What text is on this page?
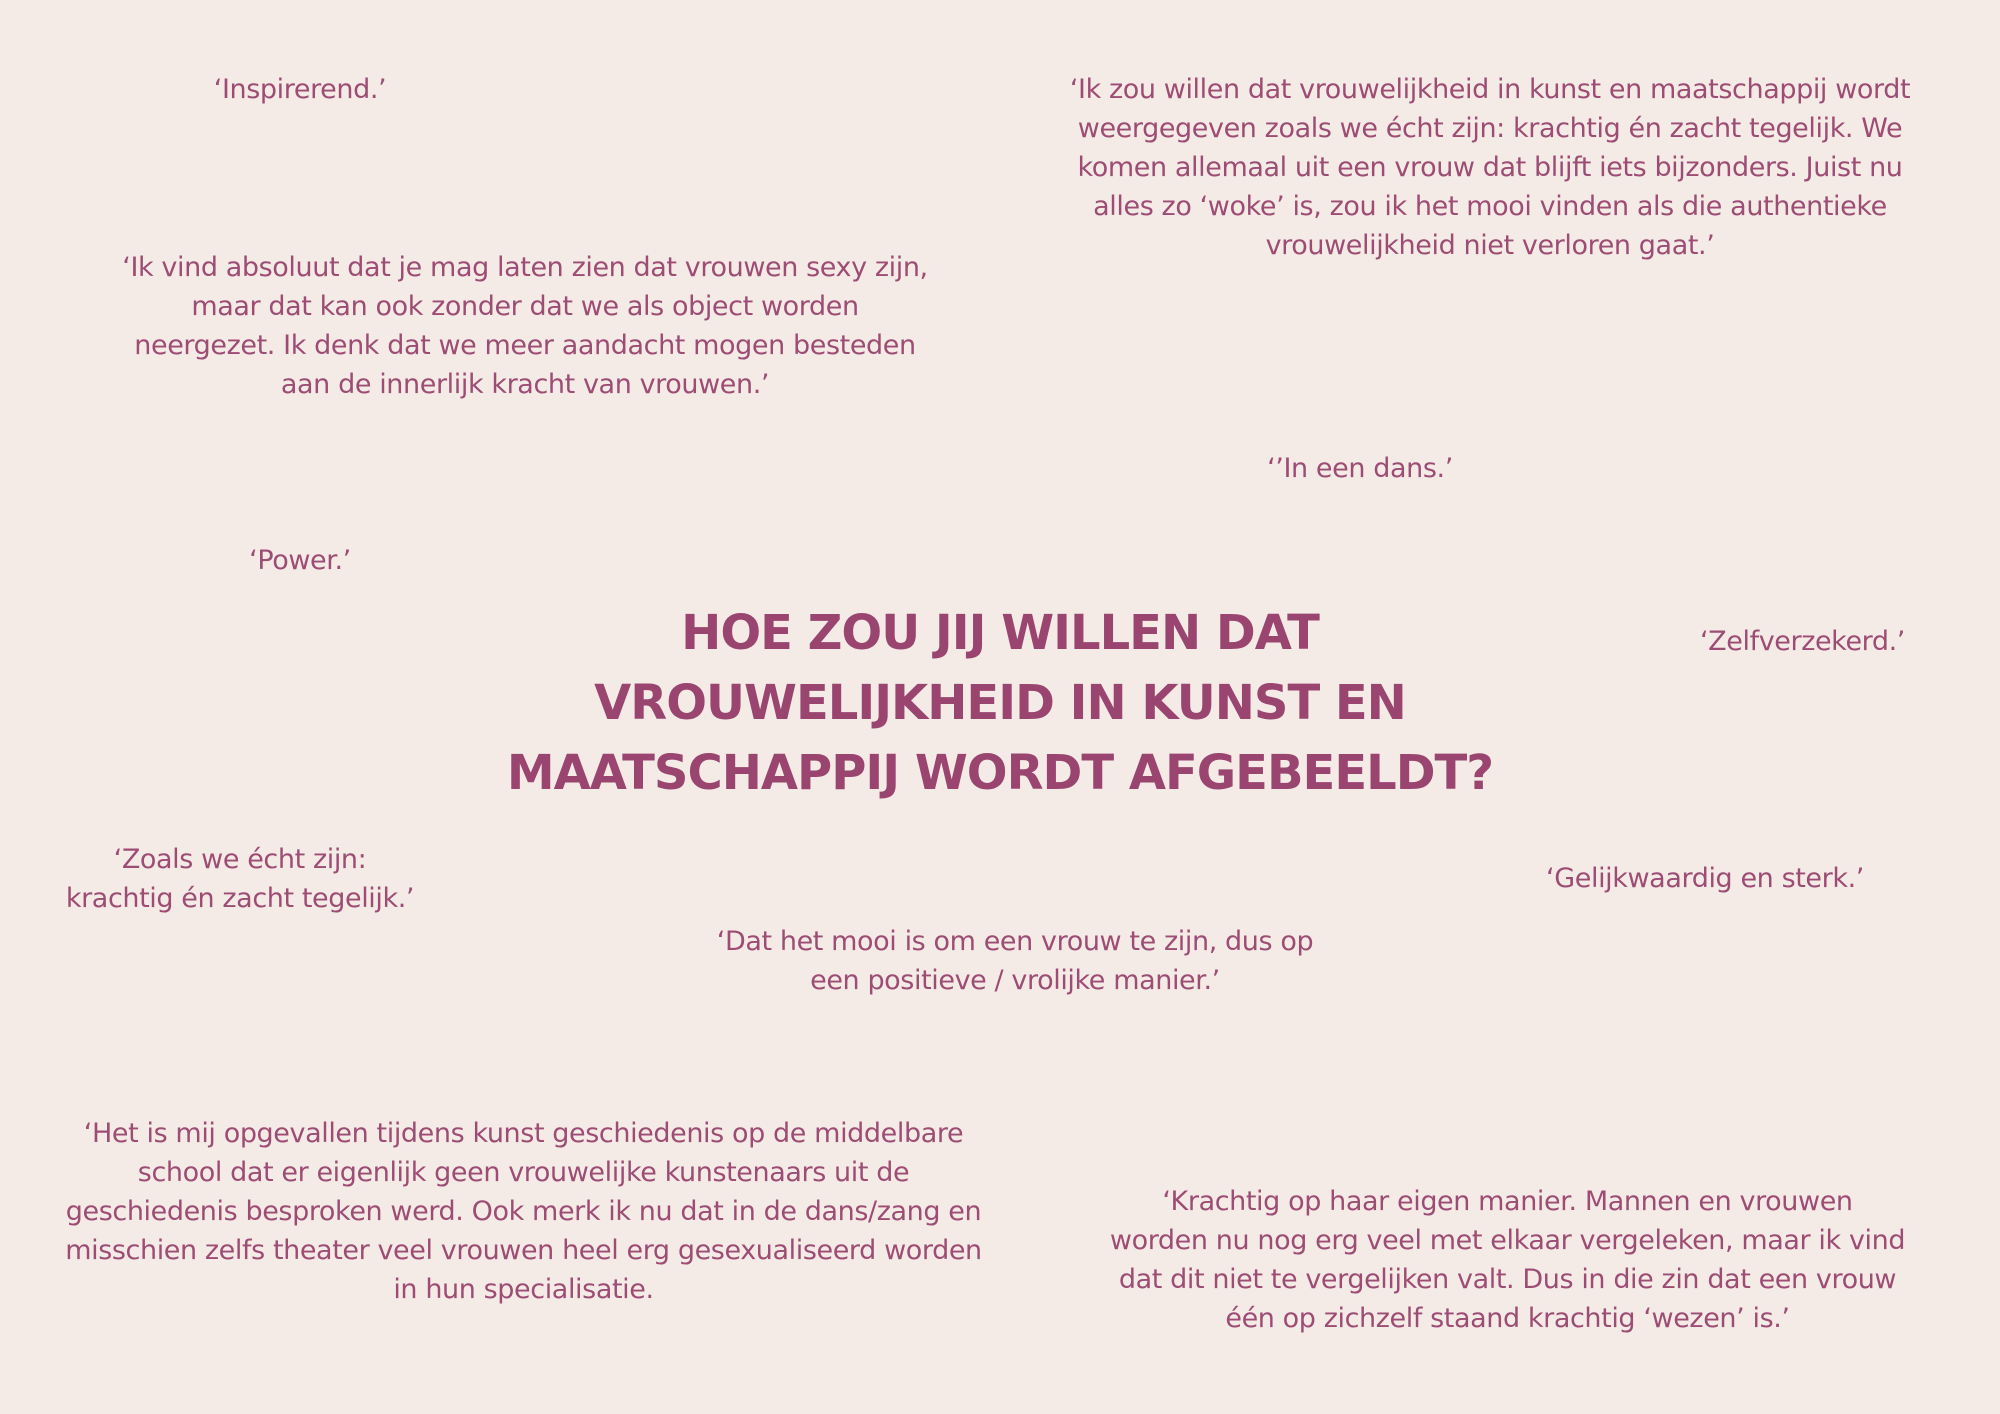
HOE ZOU JIJ WILLEN DAT
VROUWELIJKHEID IN KUNST EN
MAATSCHAPPIJ WORDT AFGEBEELDT?

‘Inspirerend.’

‘Ik vind absoluut dat je mag laten zien dat vrouwen sexy zijn,
maar dat kan ook zonder dat we als object worden
neergezet. Ik denk dat we meer aandacht mogen besteden
aan de innerlijk kracht van vrouwen.’

‘Power.’

‘Zoals we écht zijn:
krachtig én zacht tegelijk.’

‘Dat het mooi is om een vrouw te zijn, dus op
een positieve / vrolijke manier.’

‘Het is mij opgevallen tijdens kunst geschiedenis op de middelbare
school dat er eigenlijk geen vrouwelijke kunstenaars uit de
geschiedenis besproken werd. Ook merk ik nu dat in de dans/zang en
misschien zelfs theater veel vrouwen heel erg gesexualiseerd worden
in hun specialisatie.

‘Ik zou willen dat vrouwelijkheid in kunst en maatschappij wordt
weergegeven zoals we écht zijn: krachtig én zacht tegelijk. We
komen allemaal uit een vrouw dat blijft iets bijzonders. Juist nu
alles zo ‘woke’ is, zou ik het mooi vinden als die authentieke
vrouwelijkheid niet verloren gaat.’

‘’In een dans.’

‘Zelfverzekerd.’

‘Gelijkwaardig en sterk.’

‘Krachtig op haar eigen manier. Mannen en vrouwen
worden nu nog erg veel met elkaar vergeleken, maar ik vind
dat dit niet te vergelijken valt. Dus in die zin dat een vrouw
één op zichzelf staand krachtig ‘wezen’ is.’
